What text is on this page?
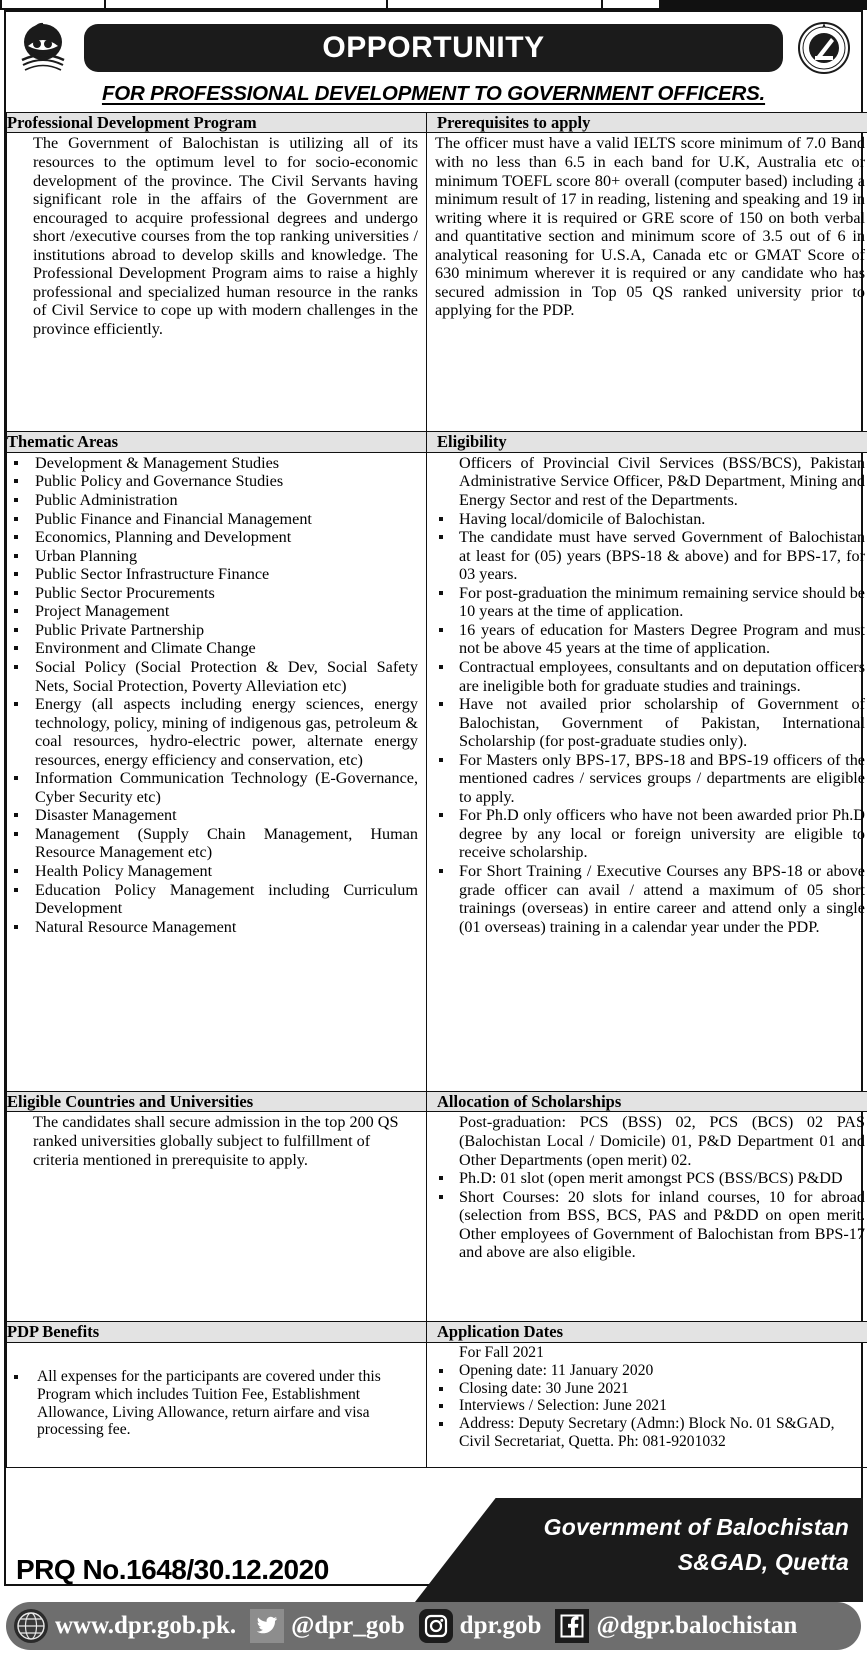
OPPORTUNITY
FOR PROFESSIONAL DEVELOPMENT TO GOVERNMENT OFFICERS.
Professional Development Program	Prerequisites to apply

The Government of Balochistan is utilizing all of its resources to the optimum level to for socio-economic development of the province. The Civil Servants having significant role in the affairs of the Government are encouraged to acquire professional degrees and undergo short /executive courses from the top ranking universities / institutions abroad to develop skills and knowledge. The Professional Development Program aims to raise a highly professional and specialized human resource in the ranks of Civil Service to cope up with modern challenges in the province efficiently.

The officer must have a valid IELTS score minimum of 7.0 Band with no less than 6.5 in each band for U.K, Australia etc or minimum TOEFL score 80+ overall (computer based) including a minimum result of 17 in reading, listening and speaking and 19 in writing where it is required or GRE score of 150 on both verbal and quantitative section and minimum score of 3.5 out of 6 in analytical reasoning for U.S.A, Canada etc or GMAT Score of 630 minimum wherever it is required or any candidate who has secured admission in Top 05 QS ranked university prior to applying for the PDP.

Thematic Areas	Eligibility

Development & Management Studies
Public Policy and Governance Studies
Public Administration
Public Finance and Financial Management
Economics, Planning and Development
Urban Planning
Public Sector Infrastructure Finance
Public Sector Procurements
Project Management
Public Private Partnership
Environment and Climate Change
Social Policy (Social Protection & Dev, Social Safety Nets, Social Protection, Poverty Alleviation etc)
Energy (all aspects including energy sciences, energy technology, policy, mining of indigenous gas, petroleum & coal resources, hydro-electric power, alternate energy resources, energy efficiency and conservation, etc)
Information Communication Technology (E-Governance, Cyber Security etc)
Disaster Management
Management (Supply Chain Management, Human Resource Management etc)
Health Policy Management
Education Policy Management including Curriculum Development
Natural Resource Management

Officers of Provincial Civil Services (BSS/BCS), Pakistan Administrative Service Officer, P&D Department, Mining and Energy Sector and rest of the Departments.
Having local/domicile of Balochistan.
The candidate must have served Government of Balochistan at least for (05) years (BPS-18 & above) and for BPS-17, for 03 years.
For post-graduation the minimum remaining service should be 10 years at the time of application.
16 years of education for Masters Degree Program and must not be above 45 years at the time of application.
Contractual employees, consultants and on deputation officers are ineligible both for graduate studies and trainings.
Have not availed prior scholarship of Government of Balochistan, Government of Pakistan, International Scholarship (for post-graduate studies only).
For Masters only BPS-17, BPS-18 and BPS-19 officers of the mentioned cadres / services groups / departments are eligible to apply.
For Ph.D only officers who have not been awarded prior Ph.D degree by any local or foreign university are eligible to receive scholarship.
For Short Training / Executive Courses any BPS-18 or above grade officer can avail / attend a maximum of 05 short trainings (overseas) in entire career and attend only a single (01 overseas) training in a calendar year under the PDP.

Eligible Countries and Universities	Allocation of Scholarships

The candidates shall secure admission in the top 200 QS ranked universities globally subject to fulfillment of criteria mentioned in prerequisite to apply.

Post-graduation: PCS (BSS) 02, PCS (BCS) 02 PAS (Balochistan Local / Domicile) 01, P&D Department 01 and Other Departments (open merit) 02.
Ph.D: 01 slot (open merit amongst PCS (BSS/BCS) P&DD
Short Courses: 20 slots for inland courses, 10 for abroad (selection from BSS, BCS, PAS and P&DD on open merit. Other employees of Government of Balochistan from BPS-17 and above are also eligible.

PDP Benefits	Application Dates

All expenses for the participants are covered under this Program which includes Tuition Fee, Establishment Allowance, Living Allowance, return airfare and visa processing fee.

For Fall 2021
Opening date: 11 January 2020
Closing date: 30 June 2021
Interviews / Selection: June 2021
Address: Deputy Secretary (Admn:) Block No. 01 S&GAD, Civil Secretariat, Quetta. Ph: 081-9201032
Government of Balochistan
S&GAD, Quetta
PRQ No.1648/30.12.2020
www.dpr.gob.pk. @dpr_gob dpr.gob @dgpr.balochistan
